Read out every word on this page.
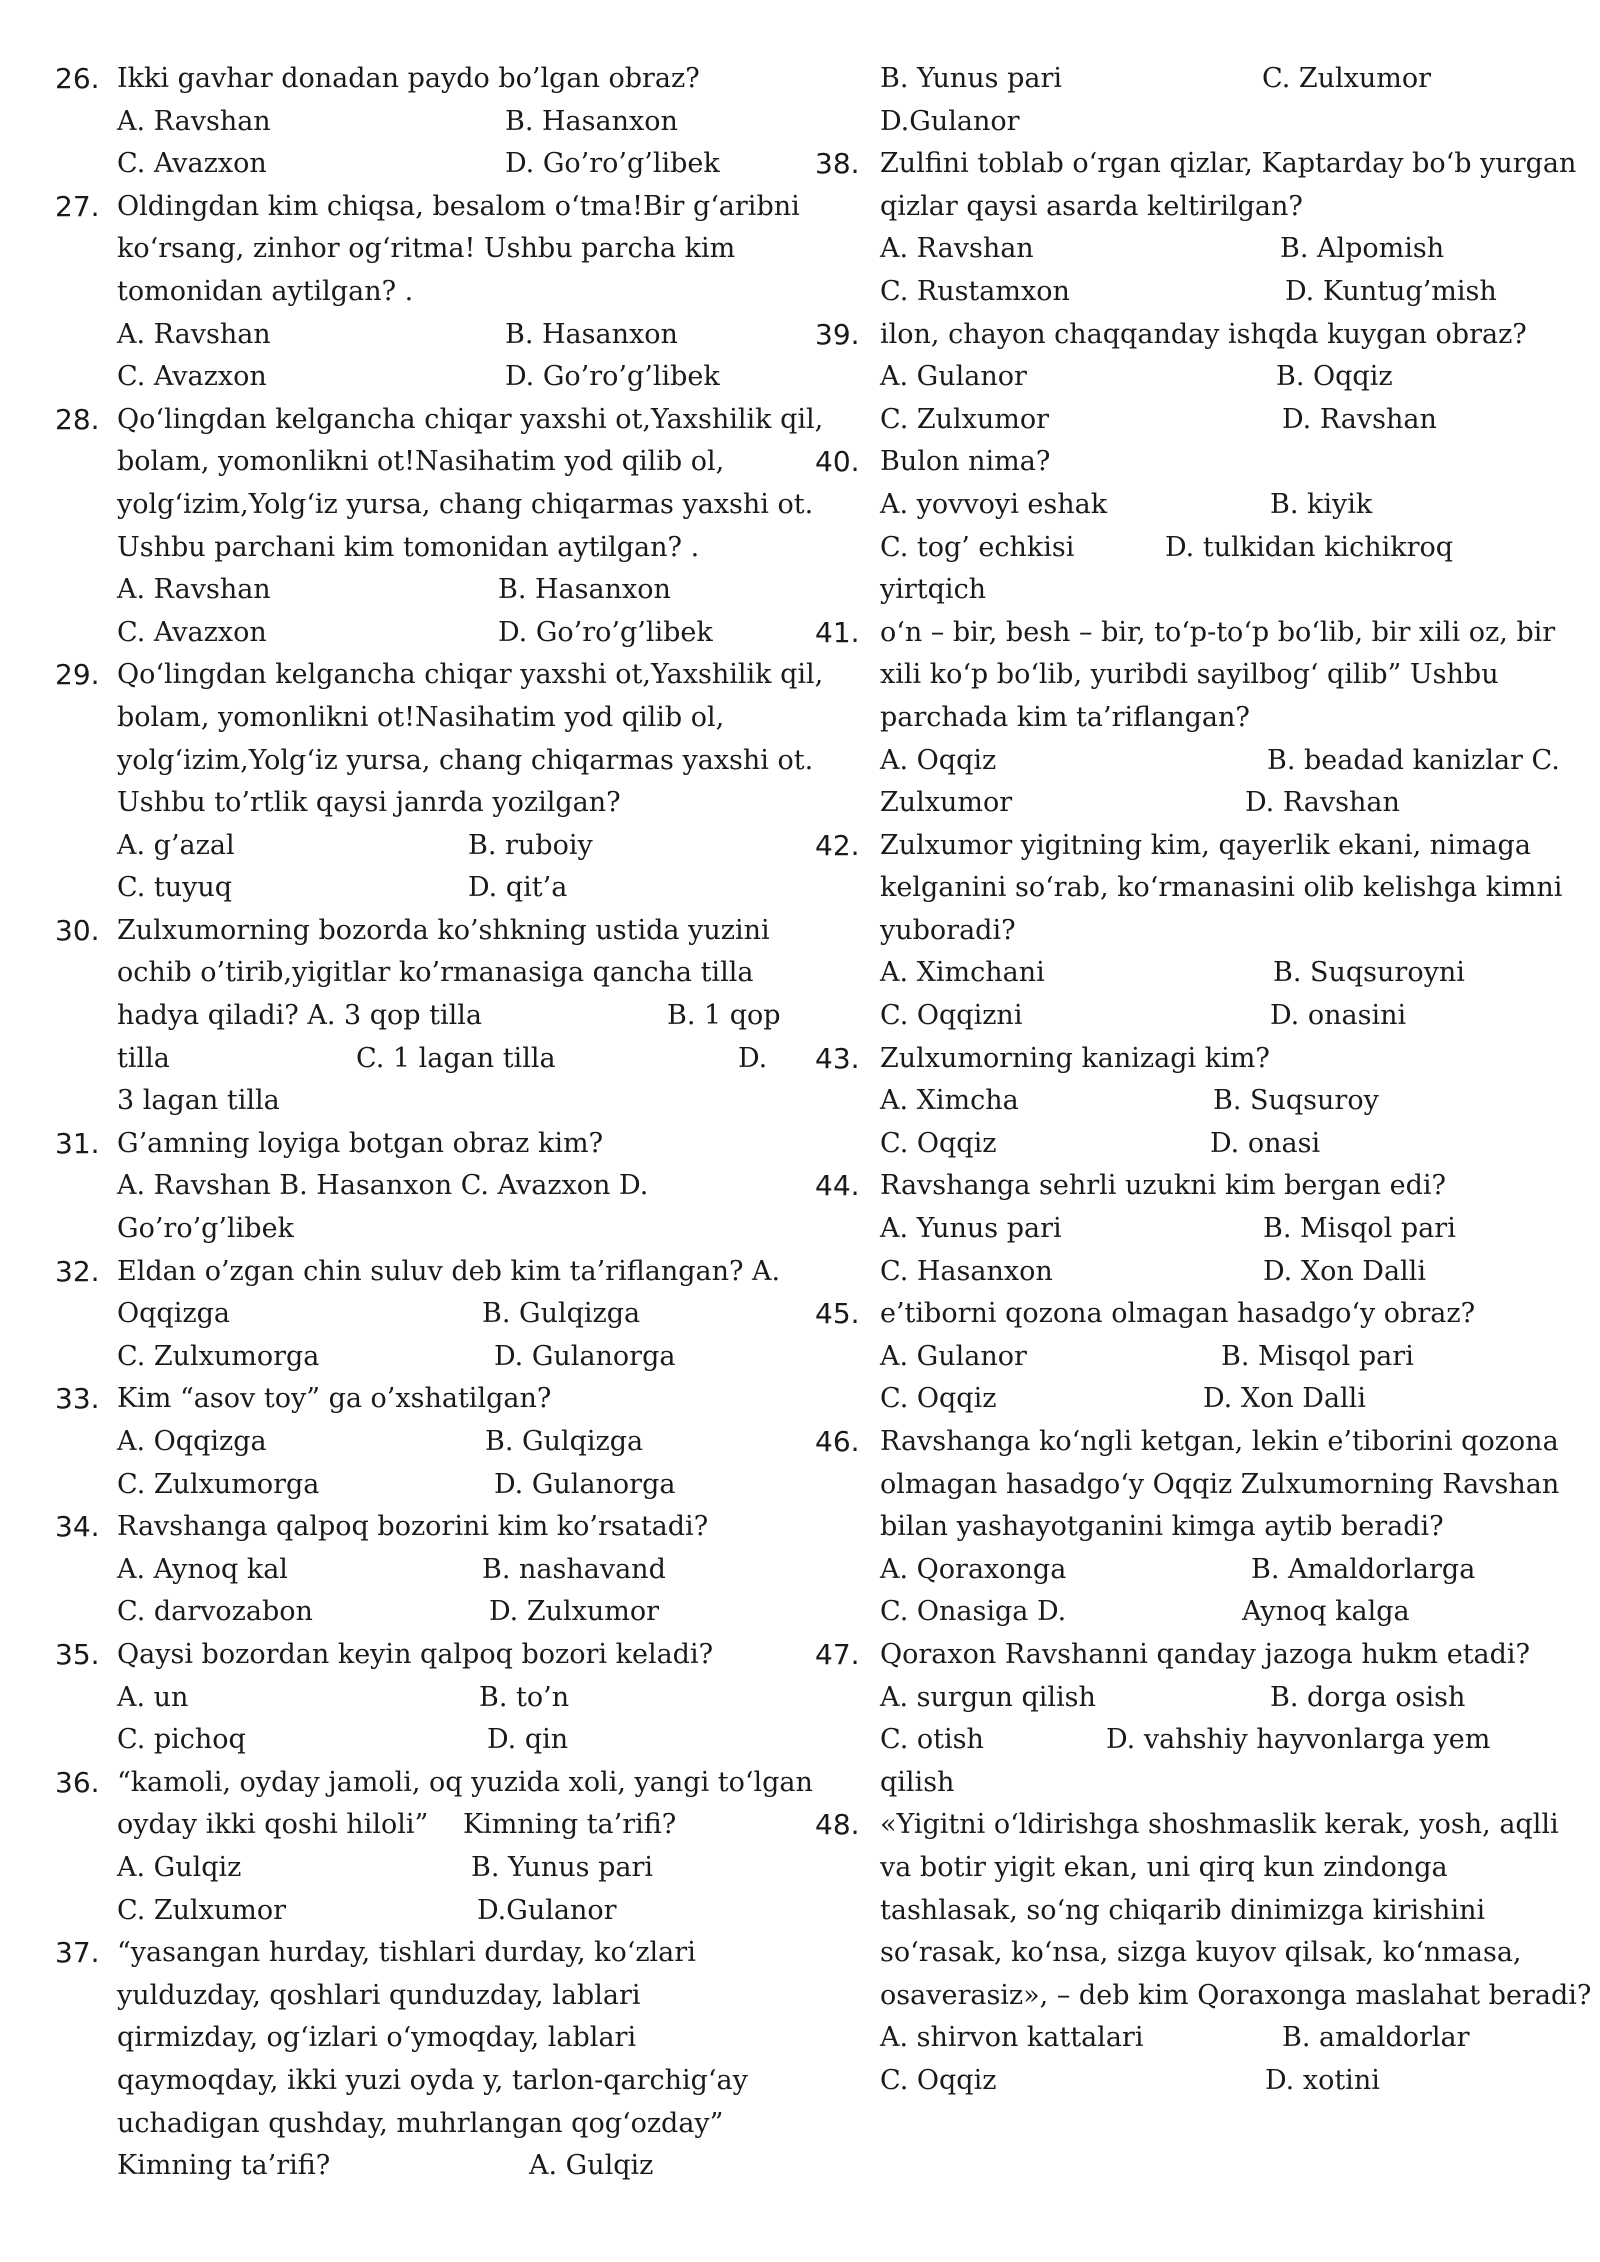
26. Ikki gavhar donadan paydo bo’lgan obraz?
A. Ravshan	B. Hasanxon
C. Avazxon	D. Go’ro’g’libek
27. Oldingdan kim chiqsa, besalom o‘tma!Bir g‘aribni
ko‘rsang, zinhor og‘ritma! Ushbu parcha kim
tomonidan aytilgan? .
A. Ravshan	B. Hasanxon
C. Avazxon	D. Go’ro’g’libek
28. Qo‘lingdan kelgancha chiqar yaxshi ot,Yaxshilik qil,
bolam, yomonlikni ot!Nasihatim yod qilib ol,
yolg‘izim,Yolg‘iz yursa, chang chiqarmas yaxshi ot.
Ushbu parchani kim tomonidan aytilgan? .
A. Ravshan	B. Hasanxon
C. Avazxon	D. Go’ro’g’libek
29. Qo‘lingdan kelgancha chiqar yaxshi ot,Yaxshilik qil,
bolam, yomonlikni ot!Nasihatim yod qilib ol,
yolg‘izim,Yolg‘iz yursa, chang chiqarmas yaxshi ot.
Ushbu to’rtlik qaysi janrda yozilgan?
A. g’azal	B. ruboiy
C. tuyuq	D. qit’a
30. Zulxumorning bozorda ko’shkning ustida yuzini
ochib o’tirib,yigitlar ko’rmanasiga qancha tilla
hadya qiladi? A. 3 qop tilla	B. 1 qop
tilla	C. 1 lagan tilla	D.
3 lagan tilla
31. G’amning loyiga botgan obraz kim?
A. Ravshan B. Hasanxon C. Avazxon D.
Go’ro’g’libek
32. Eldan o’zgan chin suluv deb kim ta’riflangan? A.
Oqqizga	B. Gulqizga
C. Zulxumorga	D. Gulanorga
33. Kim “asov toy” ga o’xshatilgan?
A. Oqqizga	B. Gulqizga
C. Zulxumorga	D. Gulanorga
34. Ravshanga qalpoq bozorini kim ko’rsatadi?
A. Aynoq kal	B. nashavand
C. darvozabon	D. Zulxumor
35. Qaysi bozordan keyin qalpoq bozori keladi?
A. un	B. to’n
C. pichoq	D. qin
36. “kamoli, oyday jamoli, oq yuzida xoli, yangi to‘lgan
oyday ikki qoshi hiloli” Kimning ta’rifi?
A. Gulqiz	B. Yunus pari
C. Zulxumor	D.Gulanor
37. “yasangan hurday, tishlari durday, ko‘zlari
yulduzday, qoshlari qunduzday, lablari
qirmizday, og‘izlari o‘ymoqday, lablari
qaymoqday, ikki yuzi oyda y, tarlon-qarchig‘ay
uchadigan qushday, muhrlangan qog‘ozday”
Kimning ta’rifi?	A. Gulqiz
B. Yunus pari	C. Zulxumor
D.Gulanor
38. Zulfini toblab o‘rgan qizlar, Kaptarday bo‘b yurgan
qizlar qaysi asarda keltirilgan?
A. Ravshan	B. Alpomish
C. Rustamxon	D. Kuntug’mish
39. ilon, chayon chaqqanday ishqda kuygan obraz?
A. Gulanor	B. Oqqiz
C. Zulxumor	D. Ravshan
40. Bulon nima?
A. yovvoyi eshak	B. kiyik
C. tog’ echkisi	D. tulkidan kichikroq
yirtqich
41. o‘n – bir, besh – bir, to‘p-to‘p bo‘lib, bir xili oz, bir
xili ko‘p bo‘lib, yuribdi sayilbog‘ qilib” Ushbu
parchada kim ta’riflangan?
A. Oqqiz	B. beadad kanizlar C.
Zulxumor	D. Ravshan
42. Zulxumor yigitning kim, qayerlik ekani, nimaga
kelganini so‘rab, ko‘rmanasini olib kelishga kimni
yuboradi?
A. Ximchani	B. Suqsuroyni
C. Oqqizni	D. onasini
43. Zulxumorning kanizagi kim?
A. Ximcha	B. Suqsuroy
C. Oqqiz	D. onasi
44. Ravshanga sehrli uzukni kim bergan edi?
A. Yunus pari	B. Misqol pari
C. Hasanxon	D. Xon Dalli
45. e’tiborni qozona olmagan hasadgo‘y obraz?
A. Gulanor	B. Misqol pari
C. Oqqiz	D. Xon Dalli
46. Ravshanga ko‘ngli ketgan, lekin e’tiborini qozona
olmagan hasadgo‘y Oqqiz Zulxumorning Ravshan
bilan yashayotganini kimga aytib beradi?
A. Qoraxonga	B. Amaldorlarga
C. Onasiga D.	Aynoq kalga
47. Qoraxon Ravshanni qanday jazoga hukm etadi?
A. surgun qilish	B. dorga osish
C. otish	D. vahshiy hayvonlarga yem
qilish
48. «Yigitni o‘ldirishga shoshmaslik kerak, yosh, aqlli
va botir yigit ekan, uni qirq kun zindonga
tashlasak, so‘ng chiqarib dinimizga kirishini
so‘rasak, ko‘nsa, sizga kuyov qilsak, ko‘nmasa,
osaverasiz», – deb kim Qoraxonga maslahat beradi?
A. shirvon kattalari	B. amaldorlar
C. Oqqiz	D. xotini
